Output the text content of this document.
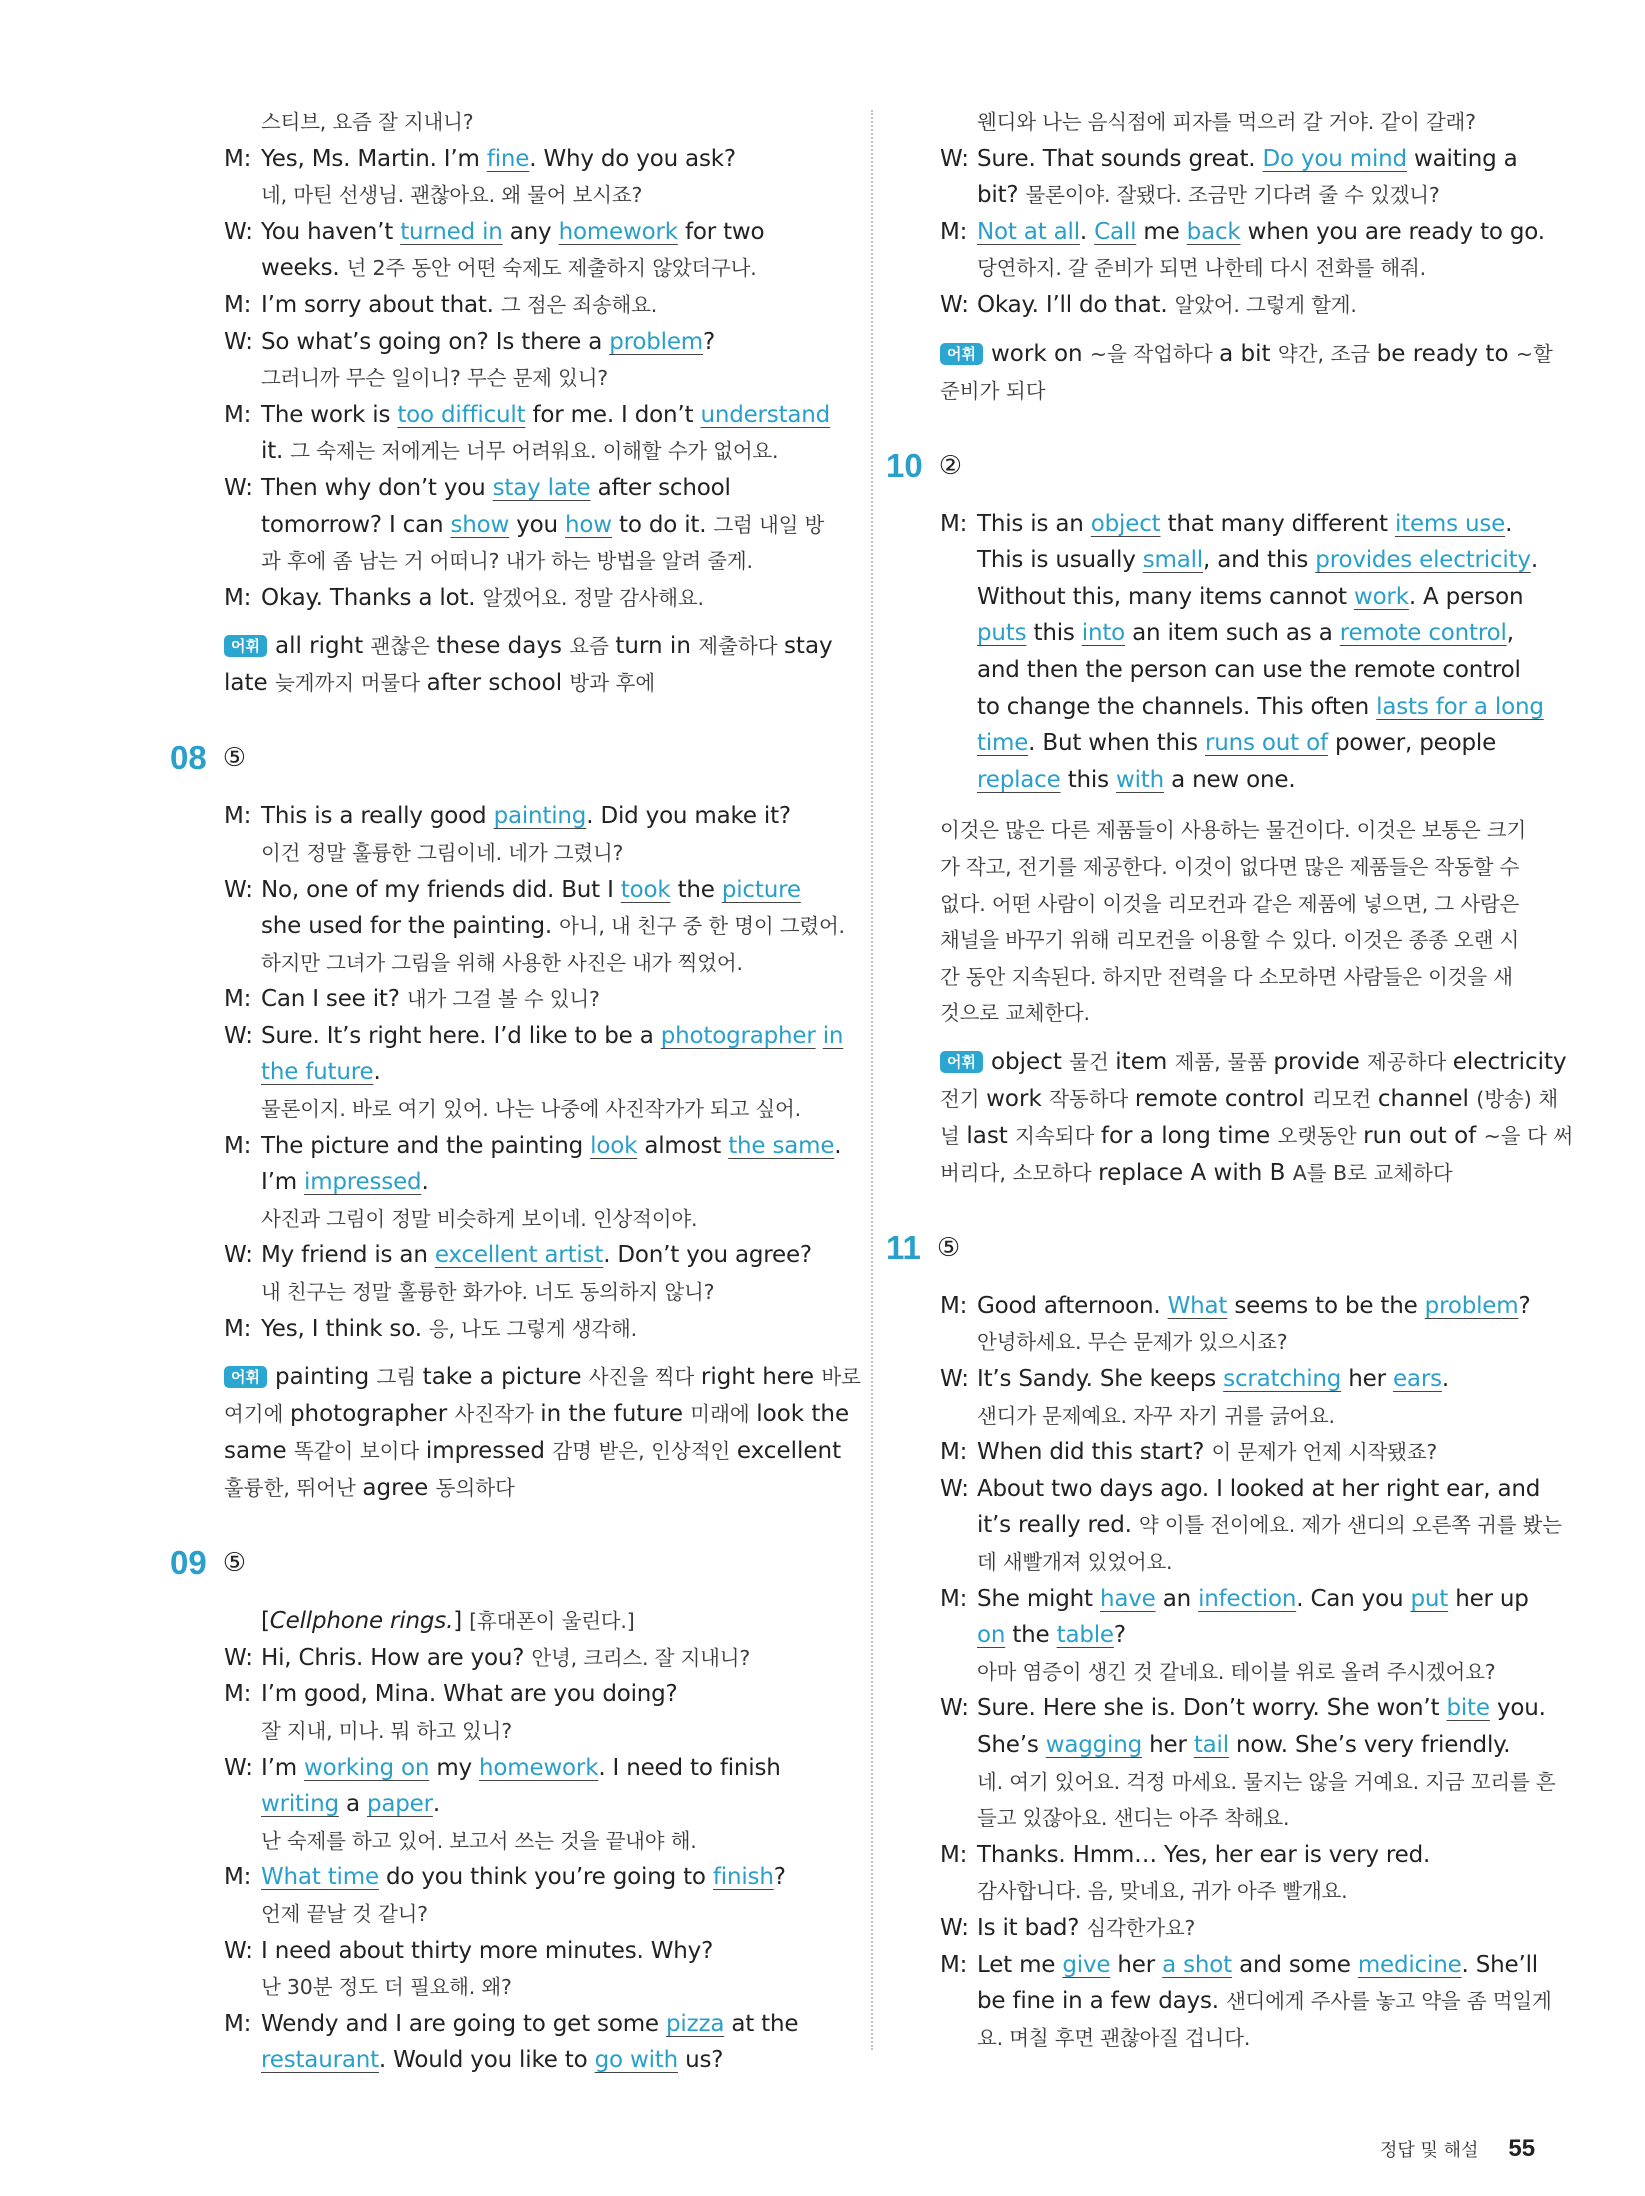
스티브, 요즘 잘 지내니?
M: Yes, Ms. Martin. I’m fine . Why do you ask?
네, 마틴 선생님. 괜찮아요. 왜 물어 보시죠?
W: You haven’t turned in any homework for two
weeks. 넌 2주 동안 어떤 숙제도 제출하지 않았더구나.
M: I’m sorry about that. 그 점은 죄송해요.
W: So what’s going on? Is there a problem ?
그러니까 무슨 일이니? 무슨 문제 있니?
M: The work is too difficult for me. I don’t understand
it. 그 숙제는 저에게는 너무 어려워요. 이해할 수가 없어요.
W: Then why don’t you stay late after school
tomorrow? I can show you how to do it. 그럼 내일 방
과 후에 좀 남는 거 어떠니? 내가 하는 방법을 알려 줄게.
M: Okay. Thanks a lot. 알겠어요. 정말 감사해요.
어휘 all right 괜찮은 these days 요즘 turn in 제출하다 stay
late 늦게까지 머물다 after school 방과 후에
08 ⑤
M: This is a really good painting . Did you make it?
이건 정말 훌륭한 그림이네. 네가 그렸니?
W: No, one of my friends did. But I took the picture
she used for the painting. 아니, 내 친구 중 한 명이 그렸어.
하지만 그녀가 그림을 위해 사용한 사진은 내가 찍었어.
M: Can I see it? 내가 그걸 볼 수 있니?
W: Sure. It’s right here. I’d like to be a photographer
in
the future .
물론이지. 바로 여기 있어. 나는 나중에 사진작가가 되고 싶어.
M: The picture and the painting look almost the same .
I’m impressed .
사진과 그림이 정말 비슷하게 보이네. 인상적이야.
W: My friend is an excellent artist . Don’t you agree?
내 친구는 정말 훌륭한 화가야. 너도 동의하지 않니?
M: Yes, I think so. 응, 나도 그렇게 생각해.
어휘 painting 그림 take a picture 사진을 찍다 right here 바로
여기에 photographer 사진작가 in the future 미래에 look the
same 똑같이 보이다 impressed 감명 받은, 인상적인 excellent
훌륭한, 뛰어난 agree 동의하다
09 ⑤
[ Cellphone rings. ] [휴대폰이 울린다.]
W: Hi, Chris. How are you? 안녕, 크리스. 잘 지내니?
M: I’m good, Mina. What are you doing?
잘 지내, 미나. 뭐 하고 있니?
W: I’m working on my homework . I need to finish
writing a paper .
난 숙제를 하고 있어. 보고서 쓰는 것을 끝내야 해.
M: What time do you think you’re going to finish ?
언제 끝날 것 같니?
W: I need about thirty more minutes. Why?
난 30분 정도 더 필요해. 왜?
M: Wendy and I are going to get some pizza at the
restaurant . Would you like to go with us?
웬디와 나는 음식점에 피자를 먹으러 갈 거야. 같이 갈래?
W: Sure. That sounds great. Do you mind waiting a
bit? 물론이야. 잘됐다. 조금만 기다려 줄 수 있겠니?
M: Not at all . Call me back when you are ready to go.
당연하지. 갈 준비가 되면 나한테 다시 전화를 해줘.
W: Okay. I’ll do that. 알았어. 그렇게 할게.
어휘 work on ~을 작업하다 a bit 약간, 조금 be ready to ~할
준비가 되다
10 ②
M: This is an object that many different items use .
This is usually small , and this provides electricity .
Without this, many items cannot work . A person
puts this into an item such as a remote control ,
and then the person can use the remote control
to change the channels. This often lasts for a long
time . But when this runs out of power, people
replace this with a new one.
이것은 많은 다른 제품들이 사용하는 물건이다. 이것은 보통은 크기
가 작고, 전기를 제공한다. 이것이 없다면 많은 제품들은 작동할 수
없다. 어떤 사람이 이것을 리모컨과 같은 제품에 넣으면, 그 사람은
채널을 바꾸기 위해 리모컨을 이용할 수 있다. 이것은 종종 오랜 시
간 동안 지속된다. 하지만 전력을 다 소모하면 사람들은 이것을 새
것으로 교체한다.
어휘 object 물건 item 제품, 물품 provide 제공하다 electricity
전기 work 작동하다 remote control 리모컨 channel (방송) 채
널 last 지속되다 for a long time 오랫동안 run out of ~을 다 써
버리다, 소모하다 replace A with B A를 B로 교체하다
11 ⑤
M: Good afternoon. What seems to be the problem ?
안녕하세요. 무슨 문제가 있으시죠?
W: It’s Sandy. She keeps scratching her ears .
샌디가 문제예요. 자꾸 자기 귀를 긁어요.
M: When did this start? 이 문제가 언제 시작됐죠?
W: About two days ago. I looked at her right ear, and
it’s really red. 약 이틀 전이에요. 제가 샌디의 오른쪽 귀를 봤는
데 새빨개져 있었어요.
M: She might have an infection . Can you put her up
on the table ?
아마 염증이 생긴 것 같네요. 테이블 위로 올려 주시겠어요?
W: Sure. Here she is. Don’t worry. She won’t bite you.
She’s wagging her tail now. She’s very friendly.
네. 여기 있어요. 걱정 마세요. 물지는 않을 거예요. 지금 꼬리를 흔
들고 있잖아요. 샌디는 아주 착해요.
M: Thanks. Hmm… Yes, her ear is very red.
감사합니다. 음, 맞네요, 귀가 아주 빨개요.
W: Is it bad? 심각한가요?
M: Let me give her a shot and some medicine . She’ll
be fine in a few days. 샌디에게 주사를 놓고 약을 좀 먹일게
요. 며칠 후면 괜찮아질 겁니다.
정답 및 해설 55
